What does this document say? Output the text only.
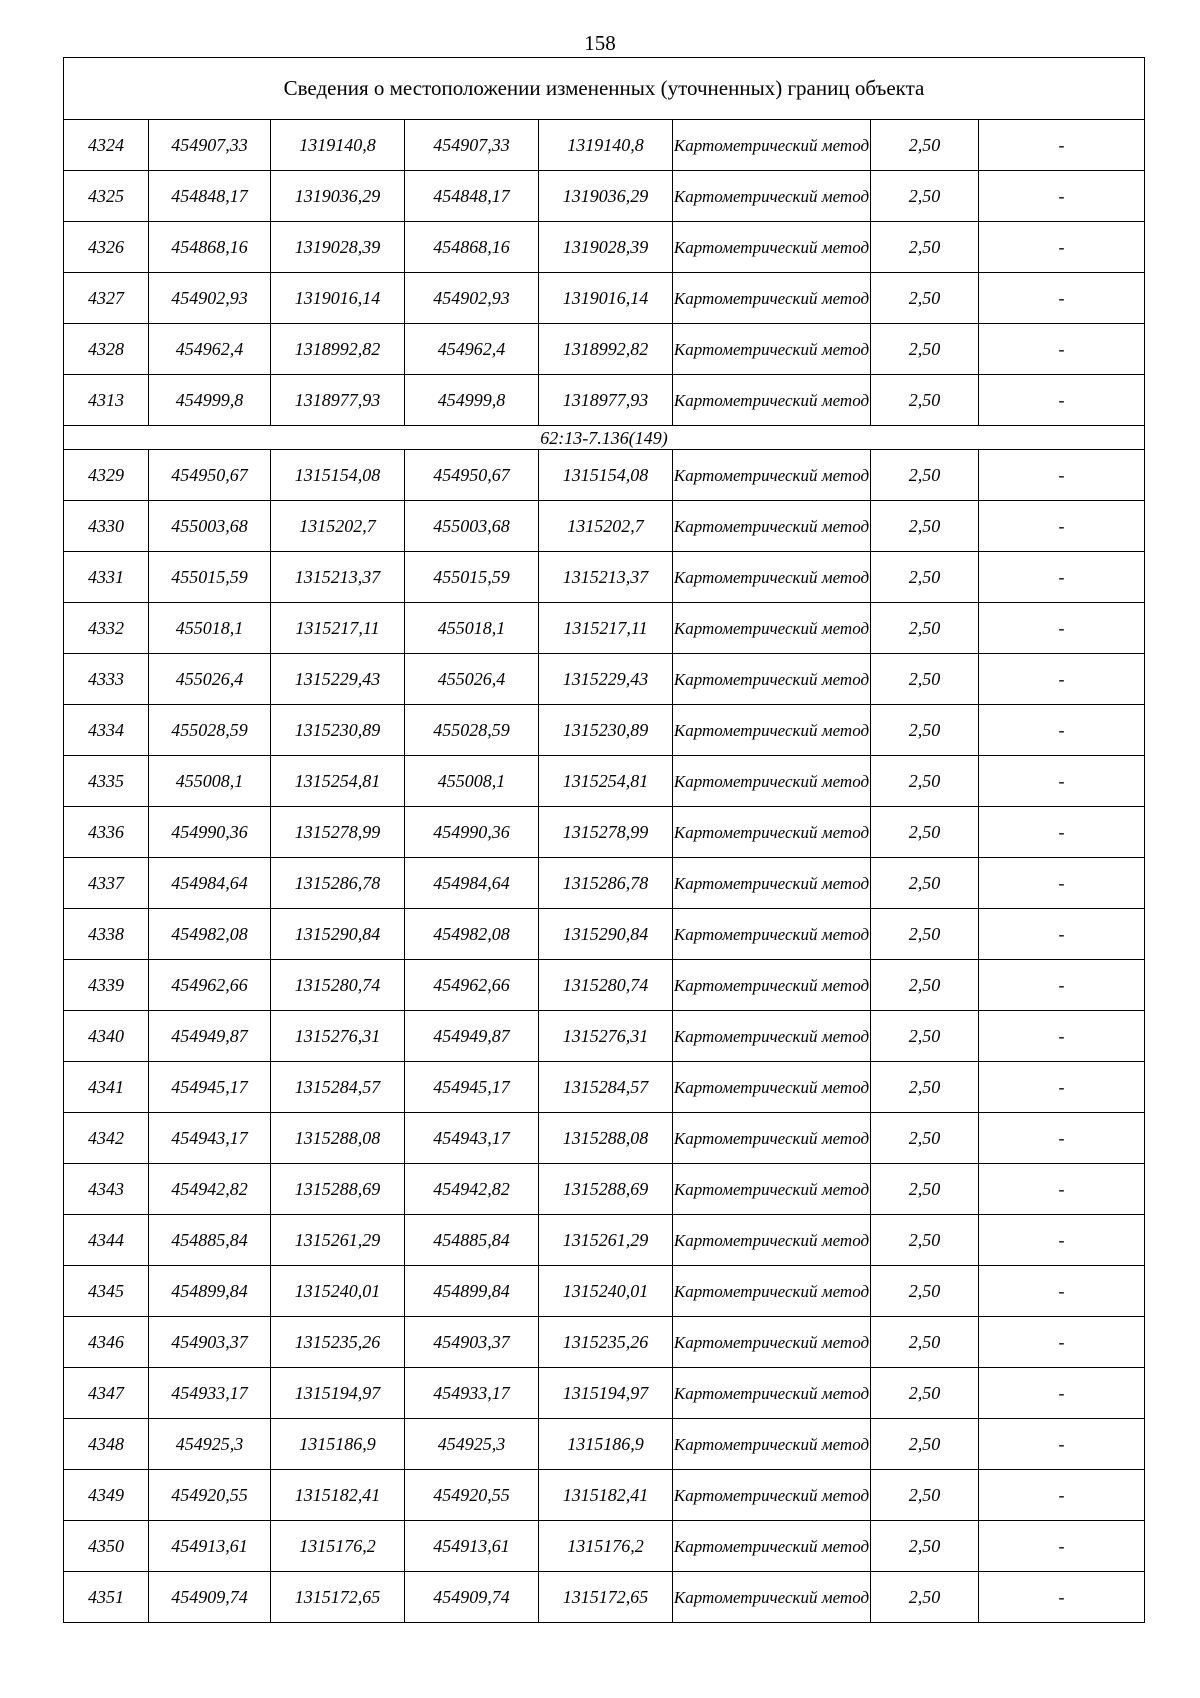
158
Сведения о местоположении измененных (уточненных) границ объекта							
4324	454907,33	1319140,8	454907,33	1319140,8	Картометрический метод	2,50	-
4325	454848,17	1319036,29	454848,17	1319036,29	Картометрический метод	2,50	-
4326	454868,16	1319028,39	454868,16	1319028,39	Картометрический метод	2,50	-
4327	454902,93	1319016,14	454902,93	1319016,14	Картометрический метод	2,50	-
4328	454962,4	1318992,82	454962,4	1318992,82	Картометрический метод	2,50	-
4313	454999,8	1318977,93	454999,8	1318977,93	Картометрический метод	2,50	-
62:13-7.136(149)							
4329	454950,67	1315154,08	454950,67	1315154,08	Картометрический метод	2,50	-
4330	455003,68	1315202,7	455003,68	1315202,7	Картометрический метод	2,50	-
4331	455015,59	1315213,37	455015,59	1315213,37	Картометрический метод	2,50	-
4332	455018,1	1315217,11	455018,1	1315217,11	Картометрический метод	2,50	-
4333	455026,4	1315229,43	455026,4	1315229,43	Картометрический метод	2,50	-
4334	455028,59	1315230,89	455028,59	1315230,89	Картометрический метод	2,50	-
4335	455008,1	1315254,81	455008,1	1315254,81	Картометрический метод	2,50	-
4336	454990,36	1315278,99	454990,36	1315278,99	Картометрический метод	2,50	-
4337	454984,64	1315286,78	454984,64	1315286,78	Картометрический метод	2,50	-
4338	454982,08	1315290,84	454982,08	1315290,84	Картометрический метод	2,50	-
4339	454962,66	1315280,74	454962,66	1315280,74	Картометрический метод	2,50	-
4340	454949,87	1315276,31	454949,87	1315276,31	Картометрический метод	2,50	-
4341	454945,17	1315284,57	454945,17	1315284,57	Картометрический метод	2,50	-
4342	454943,17	1315288,08	454943,17	1315288,08	Картометрический метод	2,50	-
4343	454942,82	1315288,69	454942,82	1315288,69	Картометрический метод	2,50	-
4344	454885,84	1315261,29	454885,84	1315261,29	Картометрический метод	2,50	-
4345	454899,84	1315240,01	454899,84	1315240,01	Картометрический метод	2,50	-
4346	454903,37	1315235,26	454903,37	1315235,26	Картометрический метод	2,50	-
4347	454933,17	1315194,97	454933,17	1315194,97	Картометрический метод	2,50	-
4348	454925,3	1315186,9	454925,3	1315186,9	Картометрический метод	2,50	-
4349	454920,55	1315182,41	454920,55	1315182,41	Картометрический метод	2,50	-
4350	454913,61	1315176,2	454913,61	1315176,2	Картометрический метод	2,50	-
4351	454909,74	1315172,65	454909,74	1315172,65	Картометрический метод	2,50	-
